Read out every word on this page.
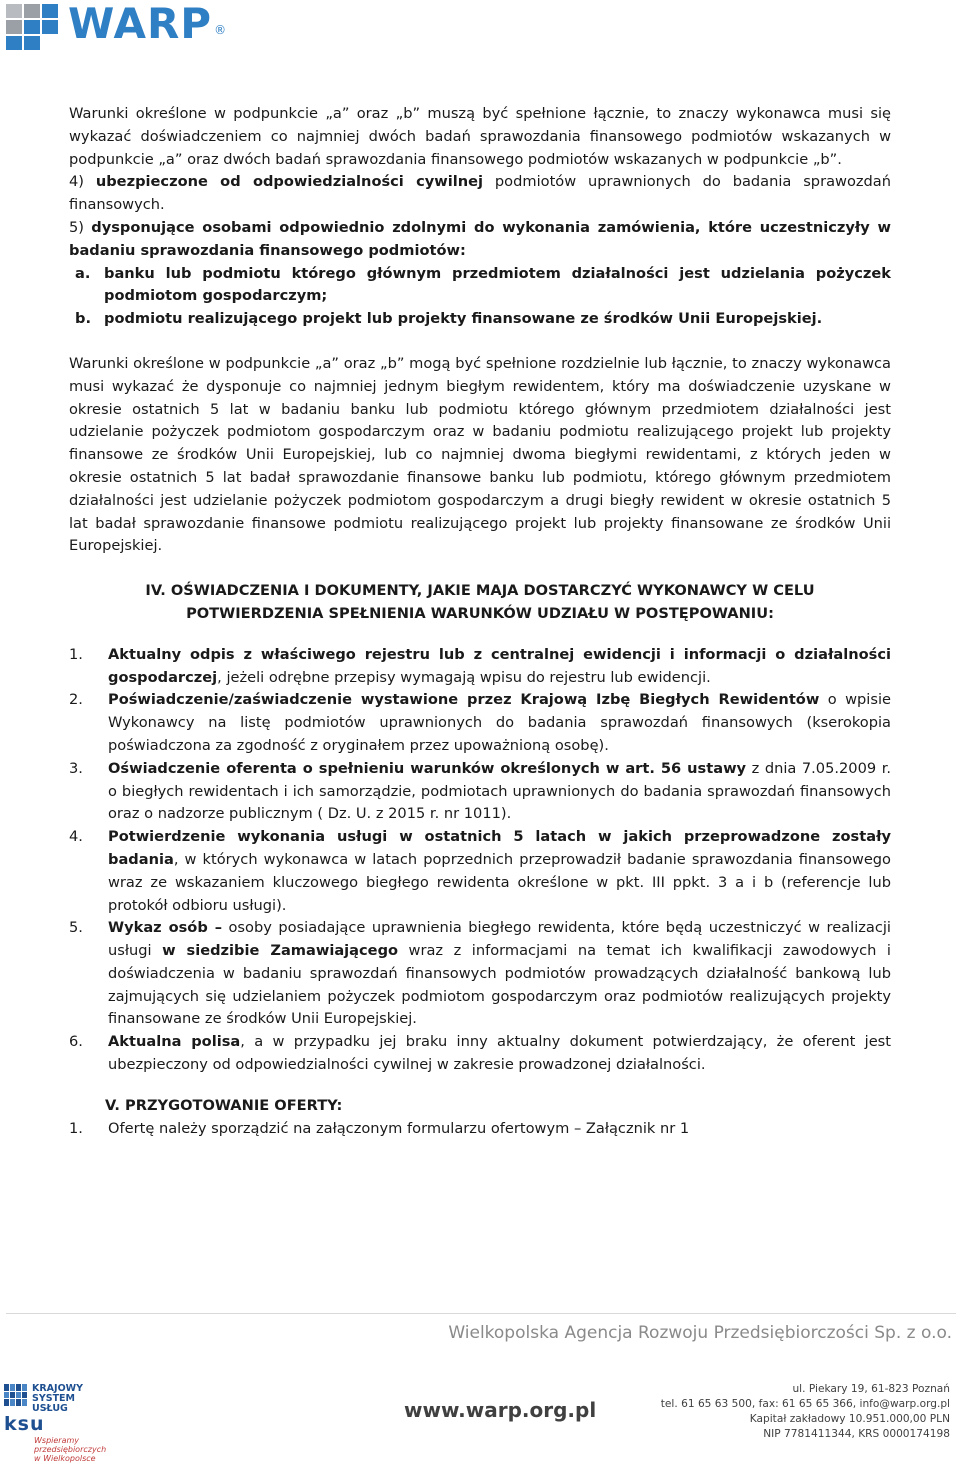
WARP ®

Warunki określone w podpunkcie „a” oraz „b” muszą być spełnione łącznie, to znaczy wykonawca musi się wykazać doświadczeniem co najmniej dwóch badań sprawozdania finansowego podmiotów wskazanych w podpunkcie „a” oraz dwóch badań sprawozdania finansowego podmiotów wskazanych w podpunkcie „b”.

4) ubezpieczone od odpowiedzialności cywilnej podmiotów uprawnionych do badania sprawozdań finansowych.
5) dysponujące osobami odpowiednio zdolnymi do wykonania zamówienia, które uczestniczyły w badaniu sprawozdania finansowego podmiotów:
a. banku lub podmiotu którego głównym przedmiotem działalności jest udzielania pożyczek podmiotom gospodarczym;
b. podmiotu realizującego projekt lub projekty finansowane ze środków Unii Europejskiej.

Warunki określone w podpunkcie „a” oraz „b” mogą być spełnione rozdzielnie lub łącznie, to znaczy wykonawca musi wykazać że dysponuje co najmniej jednym biegłym rewidentem, który ma doświadczenie uzyskane w okresie ostatnich 5 lat w badaniu banku lub podmiotu którego głównym przedmiotem działalności jest udzielanie pożyczek podmiotom gospodarczym oraz w badaniu podmiotu realizującego projekt lub projekty finansowe ze środków Unii Europejskiej, lub co najmniej dwoma biegłymi rewidentami, z których jeden w okresie ostatnich 5 lat badał sprawozdanie finansowe banku lub podmiotu, którego głównym przedmiotem działalności jest udzielanie pożyczek podmiotom gospodarczym a drugi biegły rewident w okresie ostatnich 5 lat badał sprawozdanie finansowe podmiotu realizującego projekt lub projekty finansowane ze środków Unii Europejskiej.

IV. OŚWIADCZENIA I DOKUMENTY, JAKIE MAJA DOSTARCZYĆ WYKONAWCY W CELU
POTWIERDZENIA SPEŁNIENIA WARUNKÓW UDZIAŁU W POSTĘPOWANIU:
1. Aktualny odpis z właściwego rejestru lub z centralnej ewidencji i informacji o działalności gospodarczej, jeżeli odrębne przepisy wymagają wpisu do rejestru lub ewidencji.
2. Poświadczenie/zaświadczenie wystawione przez Krajową Izbę Biegłych Rewidentów o wpisie Wykonawcy na listę podmiotów uprawnionych do badania sprawozdań finansowych (kserokopia poświadczona za zgodność z oryginałem przez upoważnioną osobę).
3. Oświadczenie oferenta o spełnieniu warunków określonych w art. 56 ustawy z dnia 7.05.2009 r. o biegłych rewidentach i ich samorządzie, podmiotach uprawnionych do badania sprawozdań finansowych oraz o nadzorze publicznym ( Dz. U. z 2015 r. nr 1011).
4. Potwierdzenie wykonania usługi w ostatnich 5 latach w jakich przeprowadzone zostały badania, w których wykonawca w latach poprzednich przeprowadził badanie sprawozdania finansowego wraz ze wskazaniem kluczowego biegłego rewidenta określone w pkt. III ppkt. 3 a i b (referencje lub protokół odbioru usługi).
5. Wykaz osób – osoby posiadające uprawnienia biegłego rewidenta, które będą uczestniczyć w realizacji usługi w siedzibie Zamawiającego wraz z informacjami na temat ich kwalifikacji zawodowych i doświadczenia w badaniu sprawozdań finansowych podmiotów prowadzących działalność bankową lub zajmujących się udzielaniem pożyczek podmiotom gospodarczym oraz podmiotów realizujących projekty finansowane ze środków Unii Europejskiej.
6. Aktualna polisa, a w przypadku jej braku inny aktualny dokument potwierdzający, że oferent jest ubezpieczony od odpowiedzialności cywilnej w zakresie prowadzonej działalności.
V. PRZYGOTOWANIE OFERTY:
1. Ofertę należy sporządzić na załączonym formularzu ofertowym – Załącznik nr 1
Wielkopolska Agencja Rozwoju Przedsiębiorczości Sp. z o.o.
KRAJOWY
SYSTEM
USŁUG
ksu
Wspieramy przedsiębiorczych
w Wielkopolsce
www.warp.org.pl
ul. Piekary 19, 61-823 Poznań
tel. 61 65 63 500, fax: 61 65 65 366, info@warp.org.pl
Kapitał zakładowy 10.951.000,00 PLN
NIP 7781411344, KRS 0000174198
